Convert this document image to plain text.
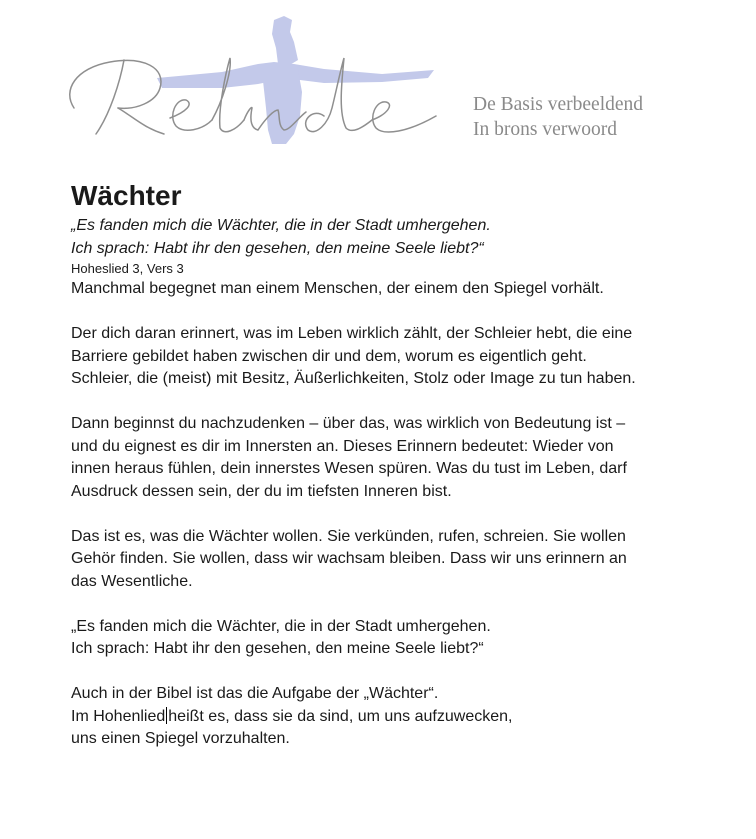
Relinde
De Basis verbeeldend
In brons verwoord
Wächter
„Es fanden mich die Wächter, die in der Stadt umhergehen.
Ich sprach: Habt ihr den gesehen, den meine Seele liebt?“
Hoheslied 3, Vers 3

Manchmal begegnet man einem Menschen, der einem den Spiegel vorhält.

Der dich daran erinnert, was im Leben wirklich zählt, der Schleier hebt, die eine

Barriere gebildet haben zwischen dir und dem, worum es eigentlich geht.

Schleier, die (meist) mit Besitz, Äußerlichkeiten, Stolz oder Image zu tun haben.

Dann beginnst du nachzudenken – über das, was wirklich von Bedeutung ist –

und du eignest es dir im Innersten an. Dieses Erinnern bedeutet: Wieder von

innen heraus fühlen, dein innerstes Wesen spüren. Was du tust im Leben, darf

Ausdruck dessen sein, der du im tiefsten Inneren bist.

Das ist es, was die Wächter wollen. Sie verkünden, rufen, schreien. Sie wollen

Gehör finden. Sie wollen, dass wir wachsam bleiben. Dass wir uns erinnern an

das Wesentliche.

„Es fanden mich die Wächter, die in der Stadt umhergehen.

Ich sprach: Habt ihr den gesehen, den meine Seele liebt?“

Auch in der Bibel ist das die Aufgabe der „Wächter“.

Im Hohenlied heißt es, dass sie da sind, um uns aufzuwecken,

uns einen Spiegel vorzuhalten.
